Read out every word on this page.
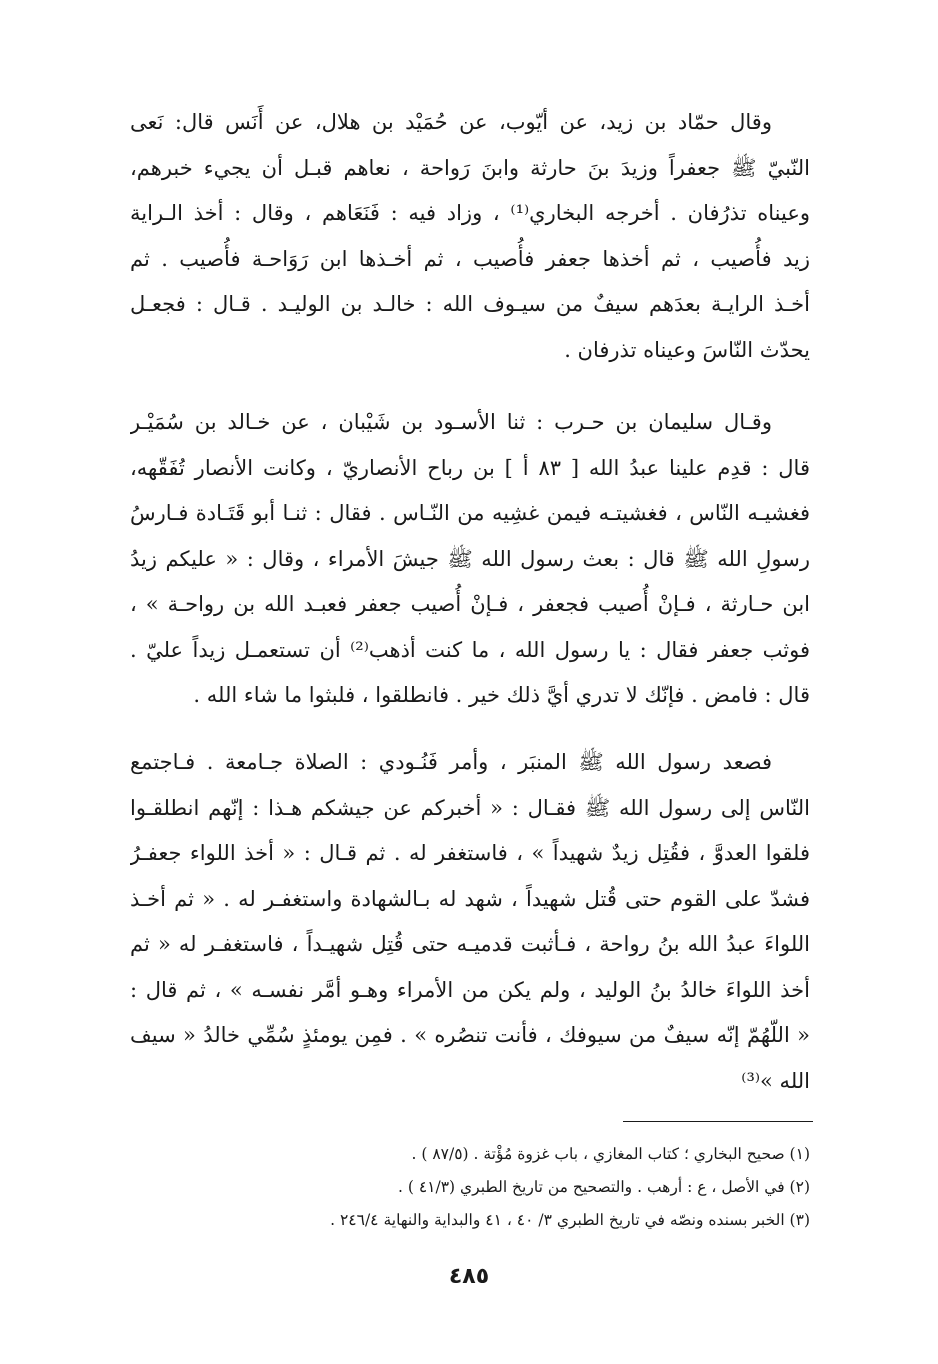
وقال حمّاد بن زيد، عن أيّوب، عن حُمَيْد بن هلال، عن أَنَس قال: نَعى
النّبيّ ﷺ جعفراً وزيدَ بنَ حارثة وابنَ رَواحة ، نعاهم قبـل أن يجيء خبرهم،
وعيناه تذرُفان . أخرجه البخاري⁽¹⁾ ، وزاد فيه : فَنَعَاهم ، وقال : أخذ الـراية
زيد فأُصيب ، ثم أخذها جعفر فأُصيب ، ثم أخـذها ابن رَوَاحـة فأُصيب . ثم
أخـذ الرايـة بعدَهم سيفٌ من سيـوف الله : خالـد بن الوليـد . قـال : فجعـل
يحدّث النّاسَ وعيناه تذرفان .
وقـال سليمان بن حـرب : ثنا الأسـود بن شَيْبان ، عن خـالد بن سُمَيْـر
قال : قدِم علينا عبدُ الله [ ٨٣ أ ] بن رباح الأنصاريّ ، وكانت الأنصار تُفَقّهه،
فغشيـه النّاس ، فغشيتـه فيمن غشِيه من النّـاس . فقال : ثنـا أبو قَتَـادة فـارسُ
رسولِ الله ﷺ قال : بعث رسول الله ﷺ جيشَ الأمراء ، وقال : « عليكم زيدُ
ابن حـارثة ، فـإنْ أُصيب فجعفر ، فـإنْ أُصيب جعفر فعبـد الله بن رواحـة » ،
فوثب جعفر فقال : يا رسول الله ، ما كنت أذهب⁽²⁾ أن تستعمـل زيداً عليّ .
قال : فامض . فإنّك لا تدري أيَّ ذلك خير . فانطلقوا ، فلبثوا ما شاء الله .
فصعد رسول الله ﷺ المنبَر ، وأمر فَنُـودي : الصلاة جـامعة . فـاجتمع
النّاس إلى رسول الله ﷺ فقـال : « أخبركم عن جيشكم هـذا : إنّهم انطلقـوا
فلقوا العدوَّ ، فقُتِل زيدٌ شهيداً » ، فاستغفر له . ثم قـال : « أخذ اللواء جعفـرُ
فشدّ على القوم حتى قُتل شهيداً ، شهد له بـالشهادة واستغفـر له . « ثم أخـذ
اللواءَ عبدُ الله بنُ رواحة ، فـأثبت قدميـه حتى قُتِل شهيـداً ، فاستغفـر له « ثم
أخذ اللواءَ خالدُ بنُ الوليد ، ولم يكن من الأمراء وهـو أمَّر نفسـه » ، ثم قال :
« اللّهُمّ إنّه سيفٌ من سيوفك ، فأنت تنصُره » . فمِن يومئذٍ سُمِّي خالدُ « سيف
الله »⁽³⁾
(١) صحيح البخاري ؛ كتاب المغازي ، باب غزوة مُؤْتة . (٨٧/٥ ) .
(٢) في الأصل ، ع : أرهب . والتصحيح من تاريخ الطبري (٤١/٣ ) .
(٣) الخبر بسنده ونصّه في تاريخ الطبري ٣/ ٤٠ ، ٤١ والبداية والنهاية ٢٤٦/٤ .
٤٨٥
